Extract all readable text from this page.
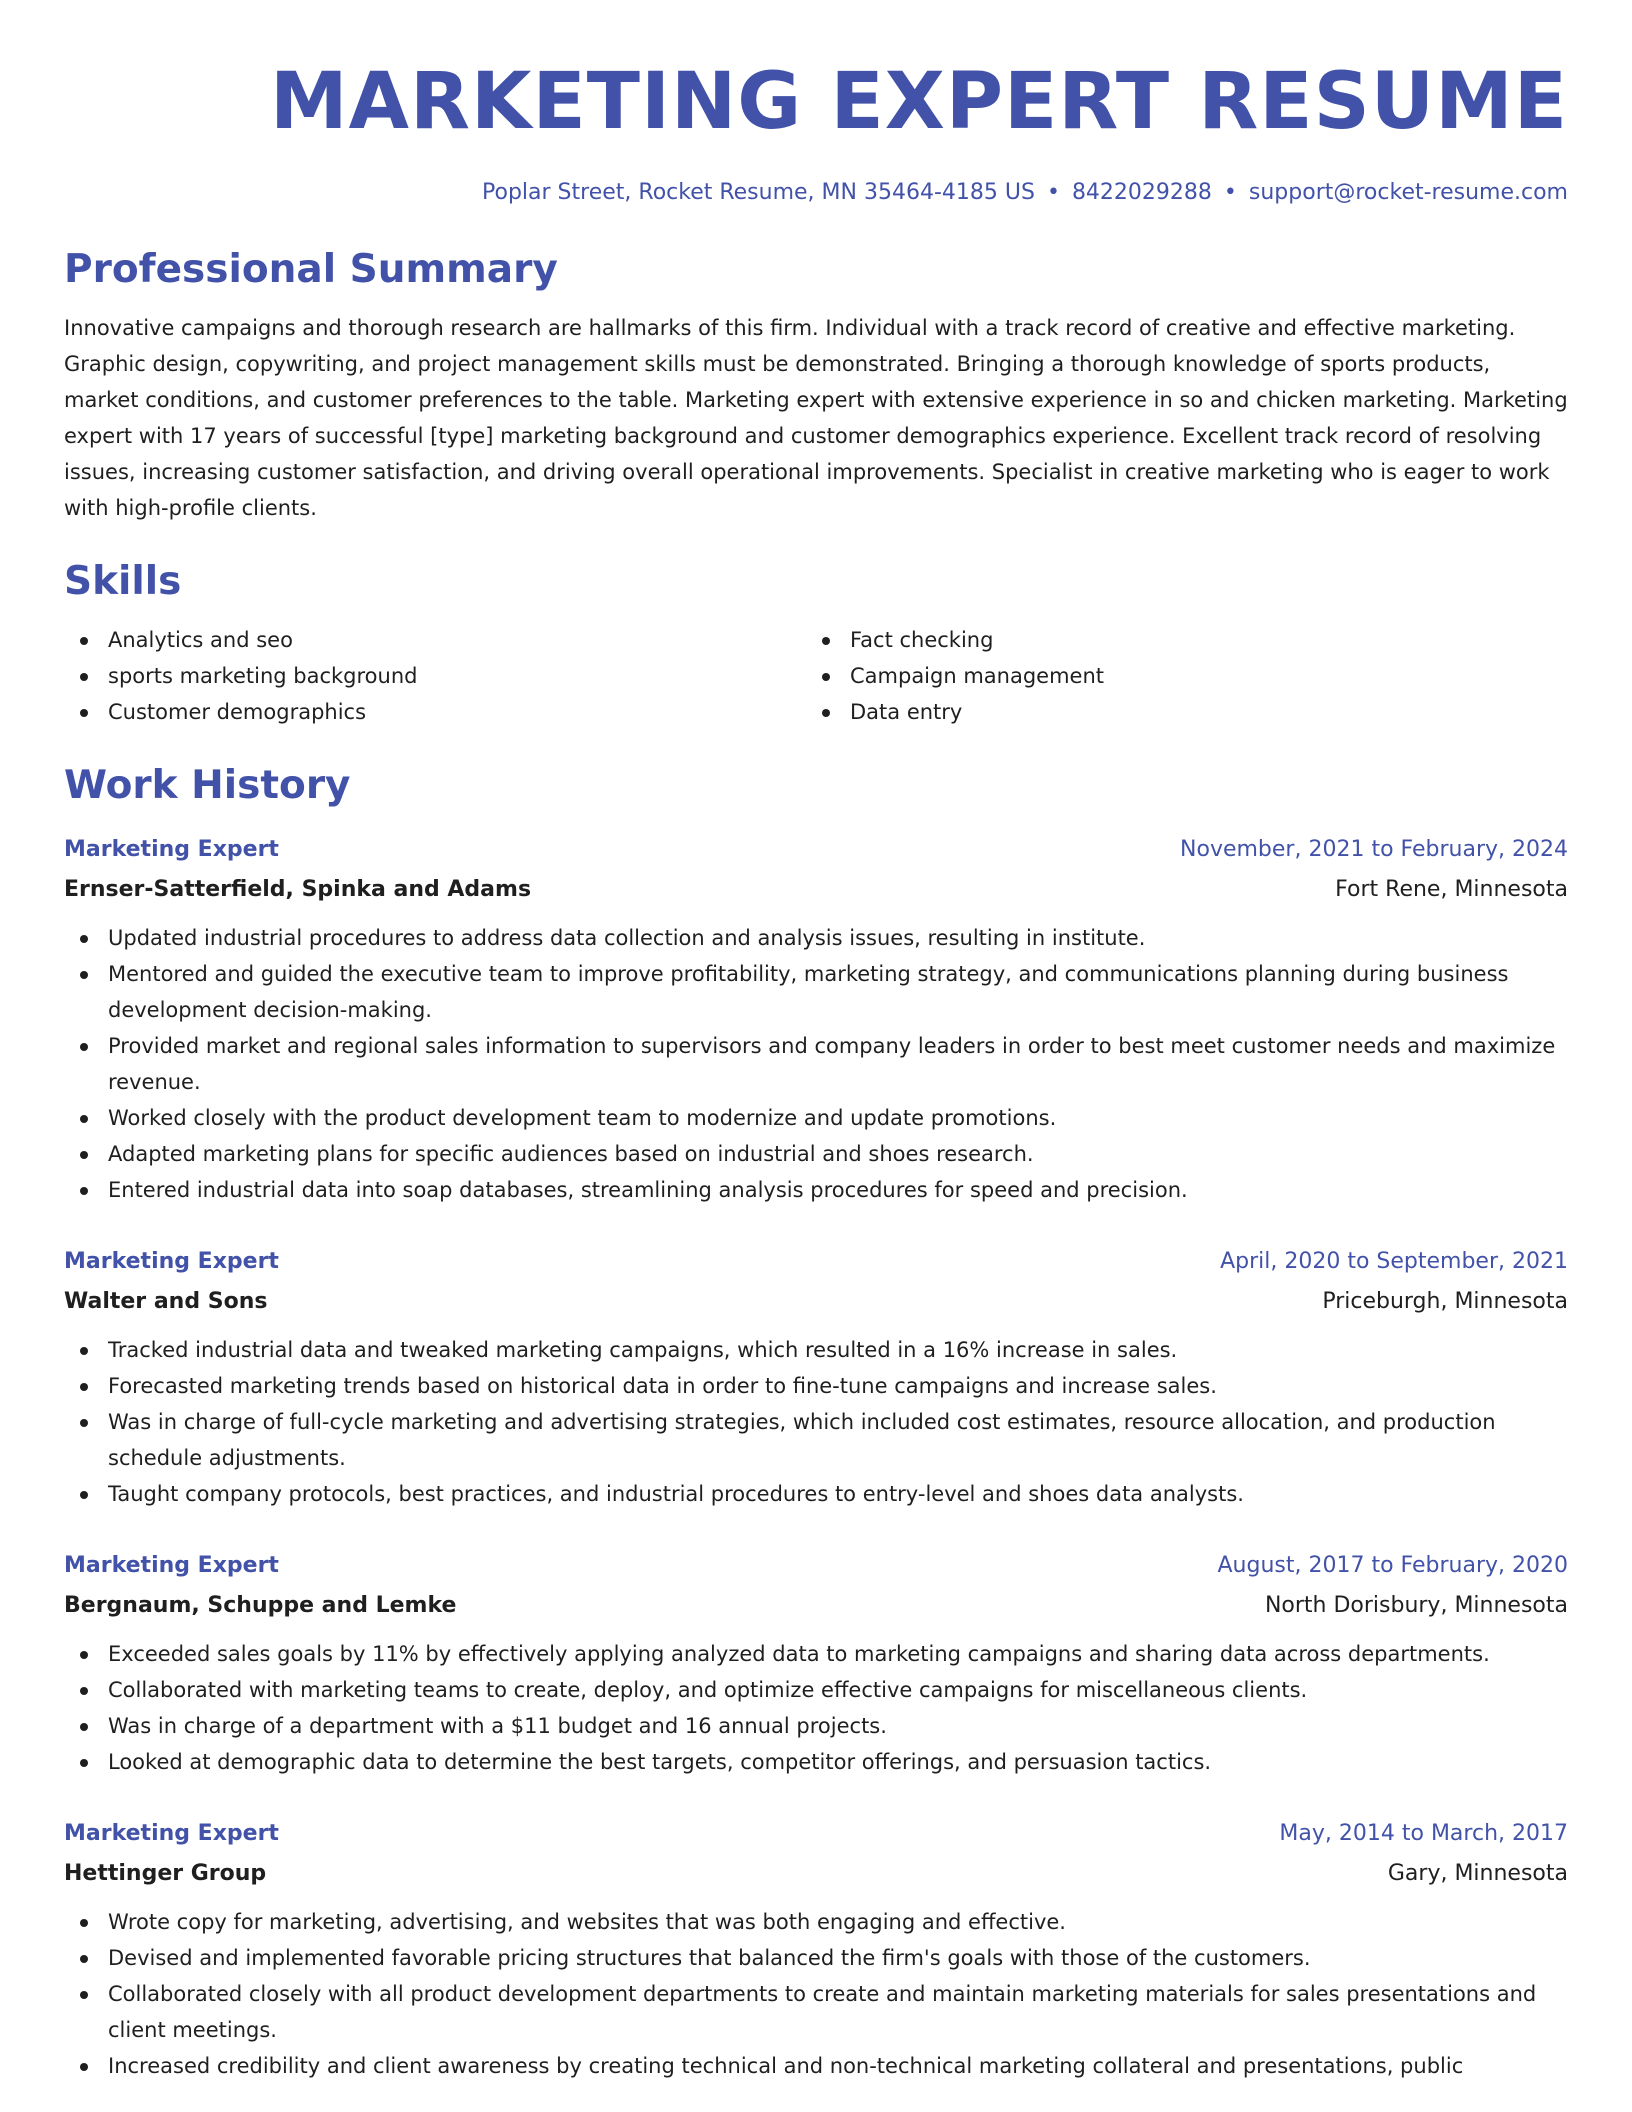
MARKETING EXPERT RESUME
Poplar Street, Rocket Resume, MN 35464-4185 US • 8422029288 • support@rocket-resume.com
Professional Summary

Innovative campaigns and thorough research are hallmarks of this firm. Individual with a track record of creative and effective marketing. Graphic design, copywriting, and project management skills must be demonstrated. Bringing a thorough knowledge of sports products, market conditions, and customer preferences to the table. Marketing expert with extensive experience in so and chicken marketing. Marketing expert with 17 years of successful [type] marketing background and customer demographics experience. Excellent track record of resolving issues, increasing customer satisfaction, and driving overall operational improvements. Specialist in creative marketing who is eager to work with high-profile clients.

Skills
Analytics and seo
sports marketing background
Customer demographics
Fact checking
Campaign management
Data entry
Work History
Marketing Expert	November, 2021 to February, 2024
Ernser-Satterfield, Spinka and Adams	Fort Rene, Minnesota
Updated industrial procedures to address data collection and analysis issues, resulting in institute.
Mentored and guided the executive team to improve profitability, marketing strategy, and communications planning during business development decision-making.
Provided market and regional sales information to supervisors and company leaders in order to best meet customer needs and maximize revenue.
Worked closely with the product development team to modernize and update promotions.
Adapted marketing plans for specific audiences based on industrial and shoes research.
Entered industrial data into soap databases, streamlining analysis procedures for speed and precision.
Marketing Expert	April, 2020 to September, 2021
Walter and Sons	Priceburgh, Minnesota
Tracked industrial data and tweaked marketing campaigns, which resulted in a 16% increase in sales.
Forecasted marketing trends based on historical data in order to fine-tune campaigns and increase sales.
Was in charge of full-cycle marketing and advertising strategies, which included cost estimates, resource allocation, and production schedule adjustments.
Taught company protocols, best practices, and industrial procedures to entry-level and shoes data analysts.
Marketing Expert	August, 2017 to February, 2020
Bergnaum, Schuppe and Lemke	North Dorisbury, Minnesota
Exceeded sales goals by 11% by effectively applying analyzed data to marketing campaigns and sharing data across departments.
Collaborated with marketing teams to create, deploy, and optimize effective campaigns for miscellaneous clients.
Was in charge of a department with a $11 budget and 16 annual projects.
Looked at demographic data to determine the best targets, competitor offerings, and persuasion tactics.
Marketing Expert	May, 2014 to March, 2017
Hettinger Group	Gary, Minnesota
Wrote copy for marketing, advertising, and websites that was both engaging and effective.
Devised and implemented favorable pricing structures that balanced the firm's goals with those of the customers.
Collaborated closely with all product development departments to create and maintain marketing materials for sales presentations and client meetings.
Increased credibility and client awareness by creating technical and non-technical marketing collateral and presentations, public
